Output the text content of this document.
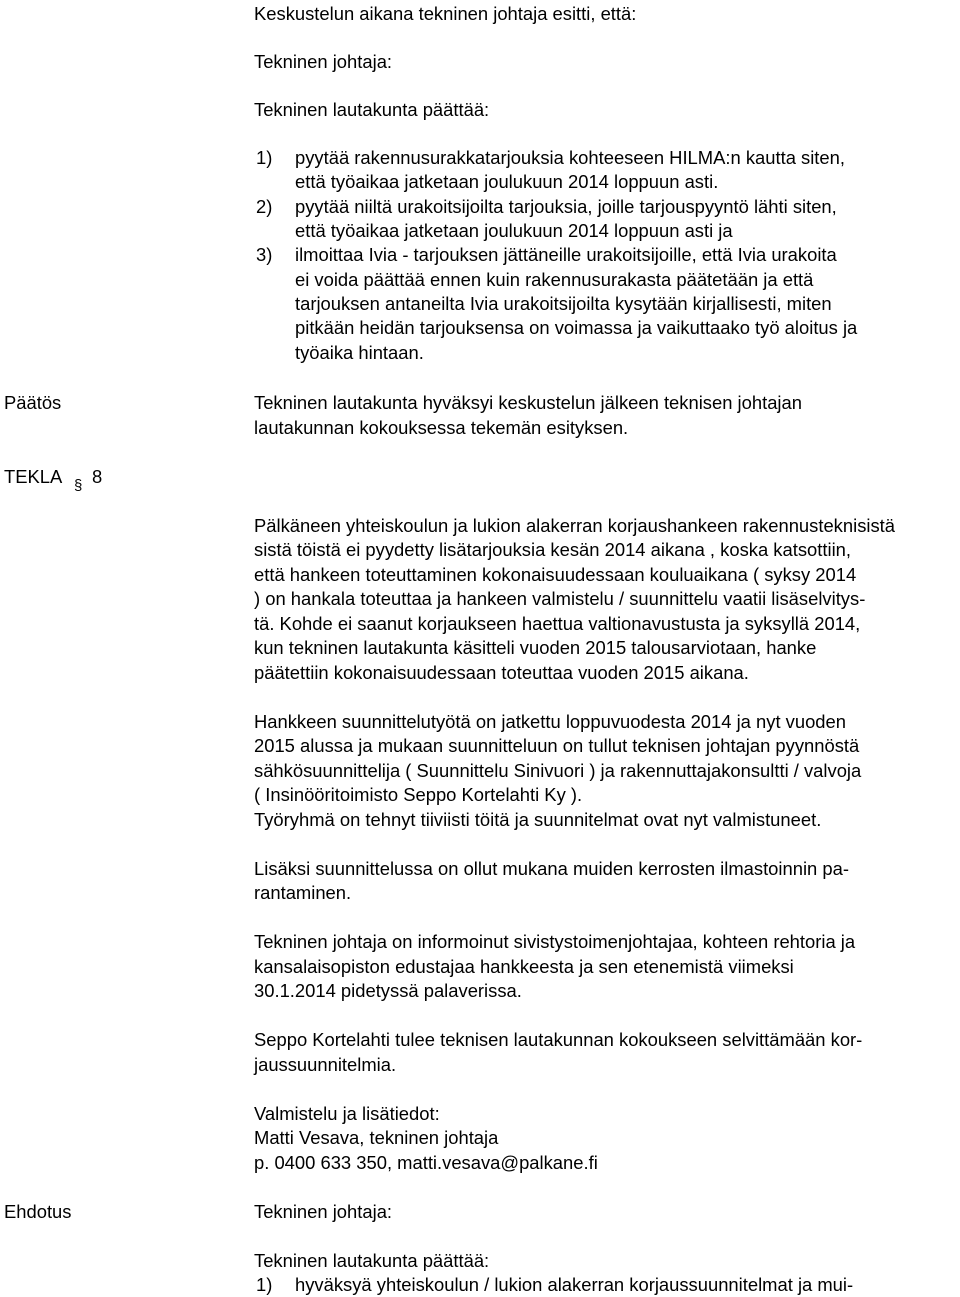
Keskustelun aikana tekninen johtaja esitti, että:

Tekninen johtaja:

Tekninen lautakunta päättää:

1) pyytää rakennusurakkatarjouksia kohteeseen HILMA:n kautta siten,

että työaikaa jatketaan joulukuun 2014 loppuun asti.

2) pyytää niiltä urakoitsijoilta tarjouksia, joille tarjouspyyntö lähti siten,

että työaikaa jatketaan joulukuun 2014 loppuun asti ja

3) ilmoittaa Ivia - tarjouksen jättäneille urakoitsijoille, että Ivia urakoita

ei voida päättää ennen kuin rakennusurakasta päätetään ja että

tarjouksen antaneilta Ivia urakoitsijoilta kysytään kirjallisesti, miten

pitkään heidän tarjouksensa on voimassa ja vaikuttaako työ aloitus ja

työaika hintaan.

Päätös	Tekninen lautakunta hyväksyi keskustelun jälkeen teknisen johtajan

lautakunnan kokouksessa tekemän esityksen.

TEKLA § 8

Pälkäneen yhteiskoulun ja lukion alakerran korjaushankeen rakennusteknisistä

sistä töistä ei pyydetty lisätarjouksia kesän 2014 aikana , koska katsottiin,

että hankeen toteuttaminen kokonaisuudessaan kouluaikana ( syksy 2014

) on hankala toteuttaa ja hankeen valmistelu / suunnittelu vaatii lisäselvitys-

tä. Kohde ei saanut korjaukseen haettua valtionavustusta ja syksyllä 2014,

kun tekninen lautakunta käsitteli vuoden 2015 talousarviotaan, hanke

päätettiin kokonaisuudessaan toteuttaa vuoden 2015 aikana.

Hankkeen suunnittelutyötä on jatkettu loppuvuodesta 2014 ja nyt vuoden

2015 alussa ja mukaan suunnitteluun on tullut teknisen johtajan pyynnöstä

sähkösuunnittelija ( Suunnittelu Sinivuori ) ja rakennuttajakonsultti / valvoja

( Insinööritoimisto Seppo Kortelahti Ky ).

Työryhmä on tehnyt tiiviisti töitä ja suunnitelmat ovat nyt valmistuneet.

Lisäksi suunnittelussa on ollut mukana muiden kerrosten ilmastoinnin pa-

rantaminen.

Tekninen johtaja on informoinut sivistystoimenjohtajaa, kohteen rehtoria ja

kansalaisopiston edustajaa hankkeesta ja sen etenemistä viimeksi

30.1.2014 pidetyssä palaverissa.

Seppo Kortelahti tulee teknisen lautakunnan kokoukseen selvittämään kor-

jaussuunnitelmia.

Valmistelu ja lisätiedot:

Matti Vesava, tekninen johtaja

p. 0400 633 350, matti.vesava@palkane.fi

Ehdotus	Tekninen johtaja:

Tekninen lautakunta päättää:

1) hyväksyä yhteiskoulun / lukion alakerran korjaussuunnitelmat ja mui-
